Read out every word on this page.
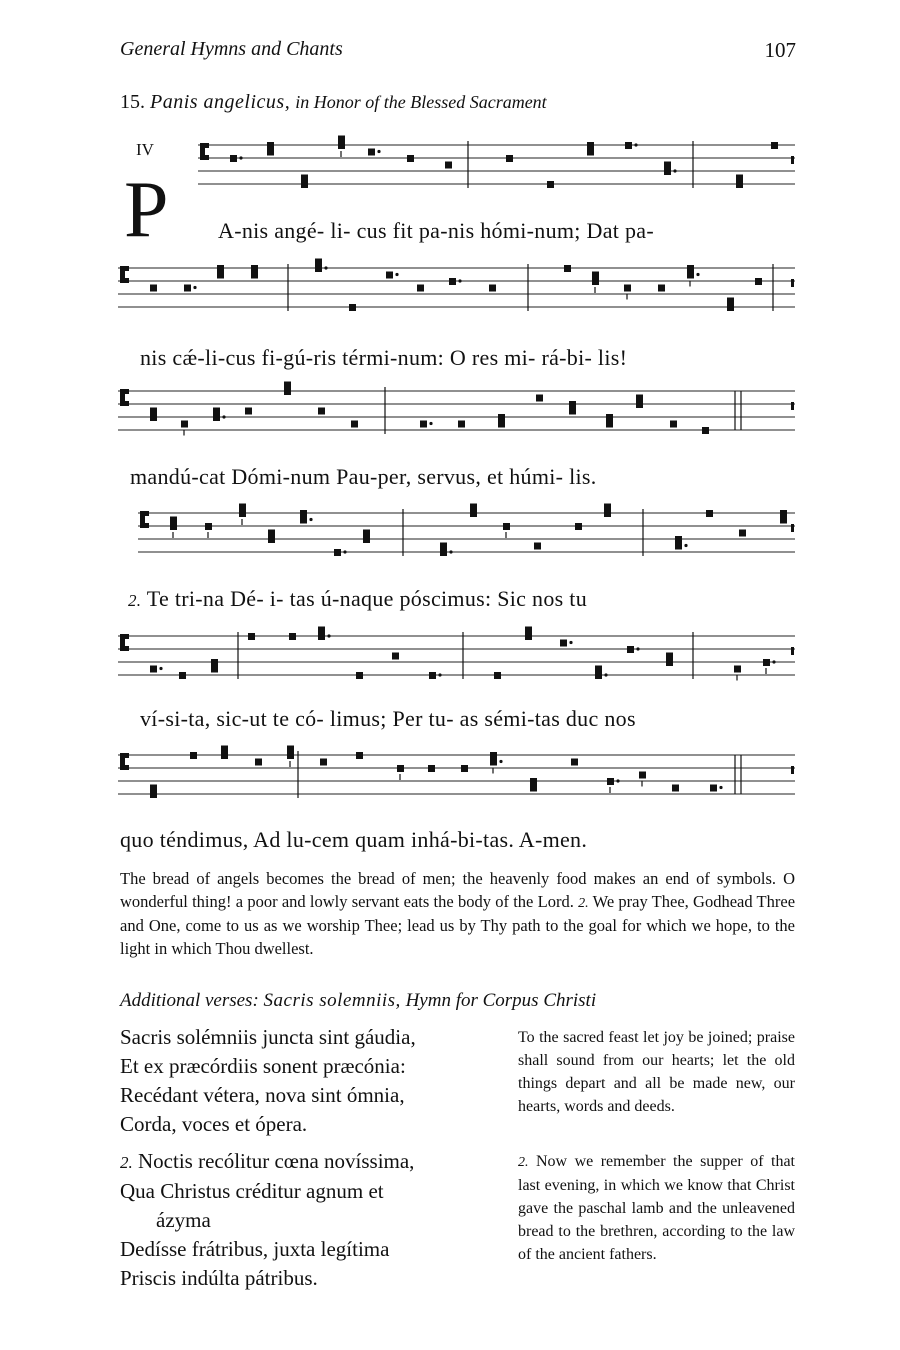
General Hymns and Chants	107
15. Panis angelicus, in Honor of the Blessed Sacrament
IV
P A-nis angé- li- cus fit pa-nis hómi-num; Dat pa-
nis cǽ-li-cus fi-gú-ris térmi-num: O res mi- rá-bi- lis!
mandú-cat Dómi-num Pau-per, servus, et húmi- lis.
2. Te tri-na Dé- i- tas ú-naque póscimus: Sic nos tu
ví-si-ta, sic-ut te có- limus; Per tu- as sémi-tas duc nos
quo téndimus, Ad lu-cem quam inhá-bi-tas. A-men.
The bread of angels becomes the bread of men; the heavenly food makes an end of symbols. O wonderful thing! a poor and lowly servant eats the body of the Lord. 2. We pray Thee, Godhead Three and One, come to us as we worship Thee; lead us by Thy path to the goal for which we hope, to the light in which Thou dwellest.
Additional verses: Sacris solemniis, Hymn for Corpus Christi
Sacris solémniis juncta sint gáudia,
Et ex præcórdiis sonent præcónia:
Recédant vétera, nova sint ómnia,
Corda, voces et ópera.
To the sacred feast let joy be joined; praise shall sound from our hearts; let the old things depart and all be made new, our hearts, words and deeds.
2. Noctis recólitur cœna novíssima,
Qua Christus créditur agnum et
ázyma
Dedísse frátribus, juxta legítima
Priscis indúlta pátribus.
2. Now we remember the supper of that last evening, in which we know that Christ gave the paschal lamb and the unleavened bread to the brethren, according to the law of the ancient fathers.
